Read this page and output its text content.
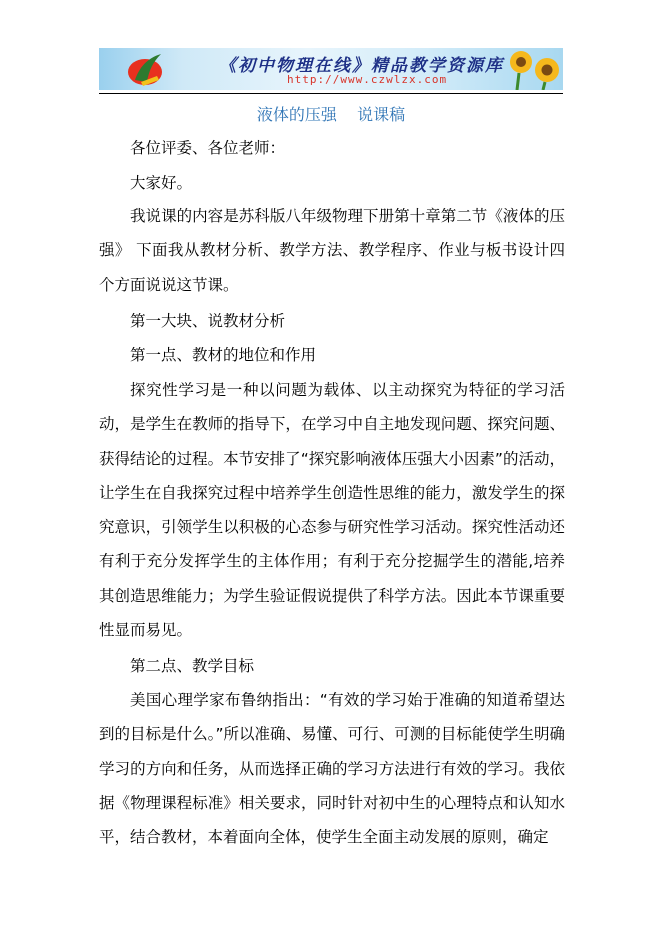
《初中物理在线》精品教学资源库
http://www.czwlzx.com
液体的压强    说课稿

各位评委、各位老师：

大家好。

我说课的内容是苏科版八年级物理下册第十章第二节《液体的压强》 下面我从教材分析、教学方法、教学程序、作业与板书设计四个方面说说这节课。

第一大块、说教材分析

第一点、教材的地位和作用

探究性学习是一种以问题为载体、以主动探究为特征的学习活动，是学生在教师的指导下，在学习中自主地发现问题、探究问题、获得结论的过程。本节安排了“探究影响液体压强大小因素”的活动，让学生在自我探究过程中培养学生创造性思维的能力，激发学生的探究意识，引领学生以积极的心态参与研究性学习活动。探究性活动还有利于充分发挥学生的主体作用；有利于充分挖掘学生的潜能,培养其创造思维能力；为学生验证假说提供了科学方法。因此本节课重要性显而易见。

第二点、教学目标

美国心理学家布鲁纳指出：“有效的学习始于准确的知道希望达到的目标是什么。”所以准确、易懂、可行、可测的目标能使学生明确学习的方向和任务，从而选择正确的学习方法进行有效的学习。我依据《物理课程标准》相关要求，同时针对初中生的心理特点和认知水平，结合教材，本着面向全体，使学生全面主动发展的原则，确定
